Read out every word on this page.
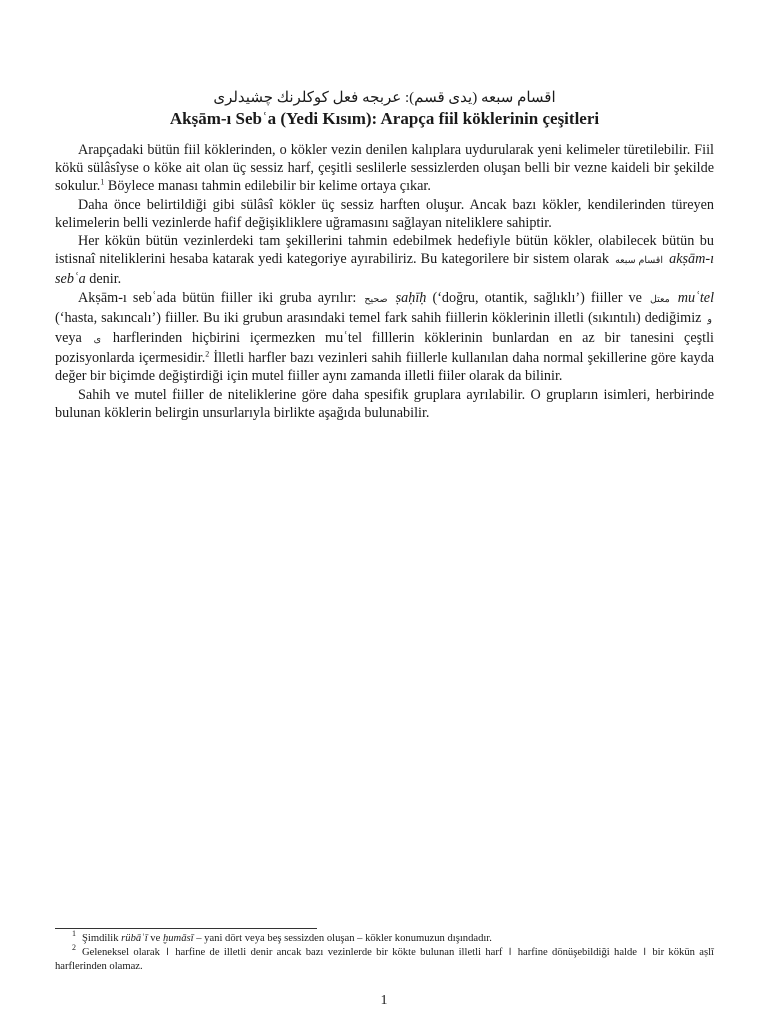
اقسام سبعه (يدى قسم): عربجه فعل كوكلرنك چشيدلرى

Akṣām-ı Sebʿa (Yedi Kısım): Arapça fiil köklerinin çeşitleri

Arapçadaki bütün fiil köklerinden, o kökler vezin denilen kalıplara uydurularak yeni kelimeler türetilebilir. Fiil kökü sülâsîyse o köke ait olan üç sessiz harf, çeşitli seslilerle sessizlerden oluşan belli bir vezne kaideli bir şekilde sokulur.$^1$ Böylece manası tahmin edilebilir bir kelime ortaya çıkar.

Daha önce belirtildiği gibi sülâsî kökler üç sessiz harften oluşur. Ancak bazı kökler, kendilerinden türeyen kelimelerin belli vezinlerde hafif değişikliklere uğramasını sağlayan niteliklere sahiptir.

Her kökün bütün vezinlerdeki tam şekillerini tahmin edebilmek hedefiyle bütün kökler, olabilecek bütün bu istisnaî niteliklerini hesaba katarak yedi kategoriye ayırabiliriz. Bu kategorilere bir sistem olarak اقسام سبعه akṣām-ı sebʿa denir.

Akṣām-ı sebʿada bütün fiiller iki gruba ayrılır: صحيح ṣaḥīḥ (‘doğru, otantik, sağlıklı’) fiiller ve معتل muʿtel (‘hasta, sakıncalı’) fiiller. Bu iki grubun arasındaki temel fark sahih fiillerin köklerinin illetli (sıkıntılı) dediğimiz و veya ى harflerinden hiçbirini içermezken muʿtel filllerin köklerinin bunlardan en az bir tanesini çeştli pozisyonlarda içermesidir.$^2$ İlletli harfler bazı vezinleri sahih fiillerle kullanılan daha normal şekillerine göre kayda değer bir biçimde değiştirdiği için mutel fiiller aynı zamanda illetli fiiler olarak da bilinir.

Sahih ve mutel fiiller de niteliklerine göre daha spesifik gruplara ayrılabilir. O grupların isimleri, herbirinde bulunan köklerin belirgin unsurlarıyla birlikte aşağıda bulunabilir.

$^1$ Şimdilik rübāʿī ve ḫumāsī – yani dört veya beş sessizden oluşan – kökler konumuzun dışındadır.

$^2$ Geleneksel olarak ا harfine de illetli denir ancak bazı vezinlerde bir kökte bulunan illetli harf ا harfine dönüşebildiği halde ا bir kökün aṣlī harflerinden olamaz.

1
